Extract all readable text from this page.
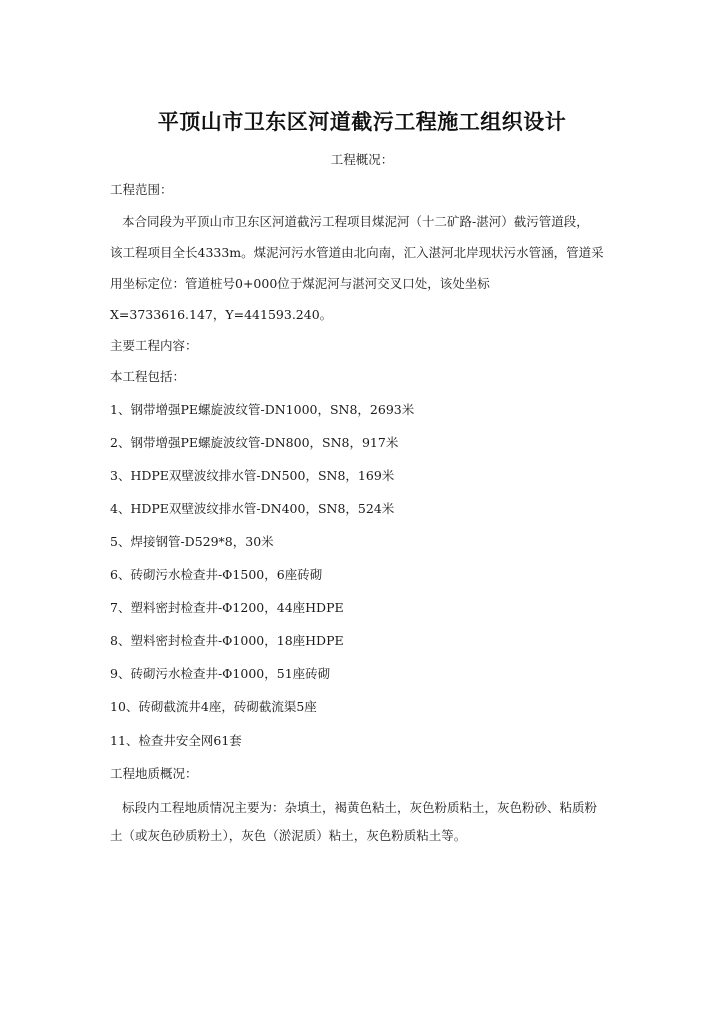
平顶山市卫东区河道截污工程施工组织设计
工程概况：
工程范围：
本合同段为平顶山市卫东区河道截污工程项目煤泥河（十二矿路-湛河）截污管道段，
该工程项目全长4333m。煤泥河污水管道由北向南，汇入湛河北岸现状污水管涵，管道采
用坐标定位：管道桩号0+000位于煤泥河与湛河交叉口处，该处坐标
X=3733616.147，Y=441593.240。
主要工程内容：
本工程包括：
1、钢带增强PE螺旋波纹管-DN1000，SN8，2693米
2、钢带增强PE螺旋波纹管-DN800，SN8，917米
3、HDPE双壁波纹排水管-DN500，SN8，169米
4、HDPE双壁波纹排水管-DN400，SN8，524米
5、焊接钢管-D529*8，30米
6、砖砌污水检查井-Φ1500，6座砖砌
7、塑料密封检查井-Φ1200，44座HDPE
8、塑料密封检查井-Φ1000，18座HDPE
9、砖砌污水检查井-Φ1000，51座砖砌
10、砖砌截流井4座，砖砌截流渠5座
11、检查井安全网61套
工程地质概况：
标段内工程地质情况主要为：杂填土，褐黄色粘土，灰色粉质粘土，灰色粉砂、粘质粉
土（或灰色砂质粉土），灰色（淤泥质）粘土，灰色粉质粘土等。
